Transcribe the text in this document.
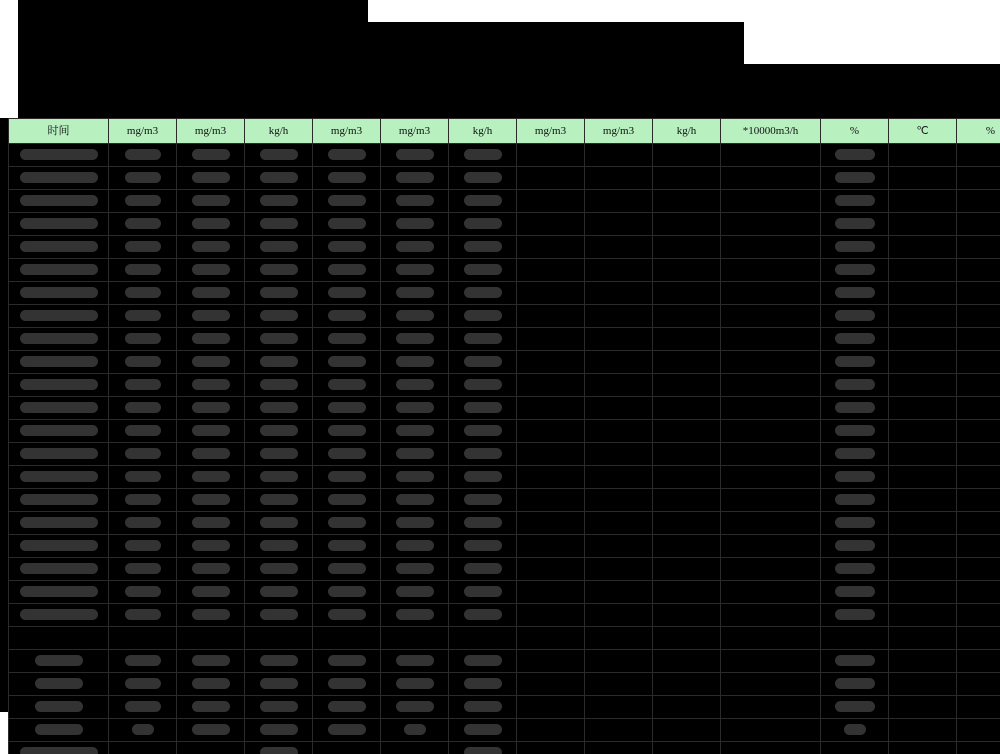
时间	mg/m3	mg/m3	kg/h	mg/m3	mg/m3	kg/h	mg/m3	mg/m3	kg/h	*10000m3/h	%	℃	%
